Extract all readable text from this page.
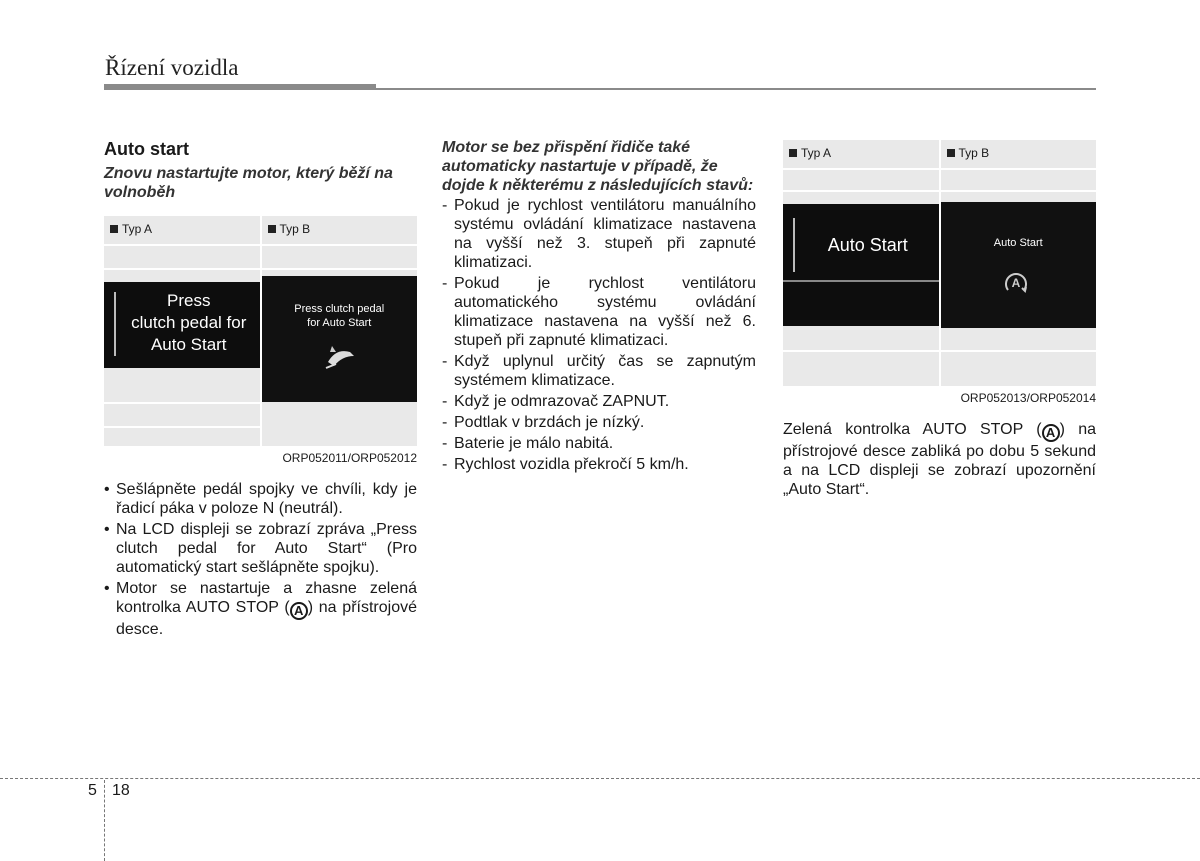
Řízení vozidla
Auto start
Znovu nastartujte motor, který běží na volnoběh
Typ A
Press
clutch pedal for
Auto Start
Typ B
Press clutch pedal
for Auto Start
ORP052011/ORP052012
• Sešlápněte pedál spojky ve chvíli, kdy je řadicí páka v poloze N (neutrál).
• Na LCD displeji se zobrazí zpráva „Press clutch pedal for Auto Start“ (Pro automatický start sešlápněte spojku).
• Motor se nastartuje a zhasne zelená kontrolka AUTO STOP ( A ) na přístrojové desce.
Motor se bez přispění řidiče také automaticky nastartuje v případě, že dojde k některému z následujících stavů:
- Pokud je rychlost ventilátoru manuálního systému ovládání klimatizace nastavena na vyšší než 3. stupeň při zapnuté klimatizaci.
- Pokud je rychlost ventilátoru automatického systému ovládání klimatizace nastavena na vyšší než 6. stupeň při zapnuté klimatizaci.
- Když uplynul určitý čas se zapnutým systémem klimatizace.
- Když je odmrazovač ZAPNUT.
- Podtlak v brzdách je nízký.
- Baterie je málo nabitá.
- Rychlost vozidla překročí 5 km/h.
Typ A
Auto Start
Typ B
Auto Start
A
ORP052013/ORP052014
Zelená kontrolka AUTO STOP ( A ) na přístrojové desce zabliká po dobu 5 sekund a na LCD displeji se zobrazí upozornění „Auto Start“.
5 18
